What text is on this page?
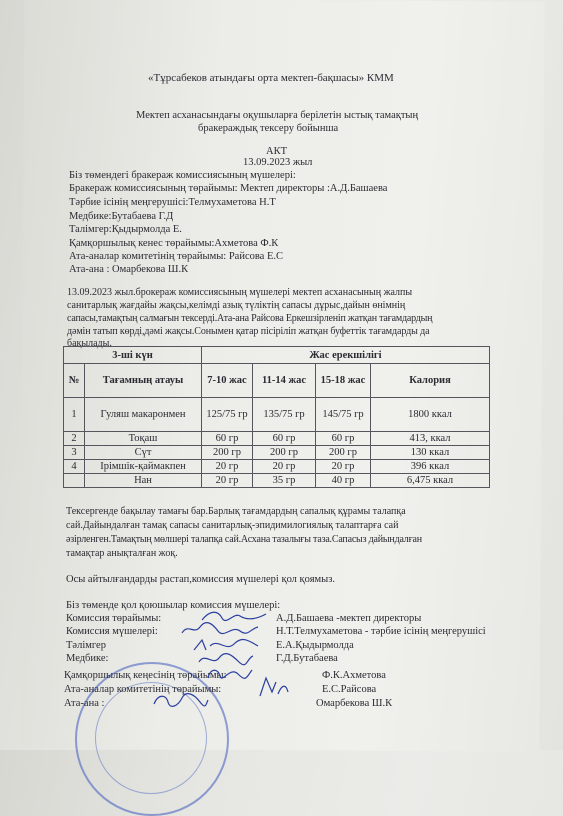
«Тұрсабеков атындағы орта мектеп-бақшасы» КММ
Мектеп асханасындағы оқушыларға берілетін ыстық тамақтың
бракераждық тексеру бойынша
АКТ
13.09.2023 жыл
Біз төмендегі бракераж комиссиясының мүшелері:
Бракераж комиссиясының төрайымы: Мектеп директоры :А.Д.Башаева
Тәрбие ісінің меңгерушісі:Телмухаметова Н.Т
Медбике:Бутабаева Г.Д
Талімгер:Қыдырмолда Е.
Қамқоршылық кенес төрайымы:Ахметова Ф.К
Ата-аналар комитетінің төрайымы: Райсова Е.С
Ата-ана : Омарбекова Ш.К
13.09.2023 жыл.брокераж комиссиясының мүшелері мектеп асханасының жалпы
санитарлық жағдайы жақсы,келімді азық түліктің сапасы дұрыс,дайын өнімнің
сапасы,тамақтың салмағын тексерді.Ата-ана Райсова Еркешзірленіп жатқан тағамдардың
дәмін татып көрді,дәмі жақсы.Сонымен қатар пісіріліп жатқан буфеттік тағамдарды да
бақылады.
3-ші күн		Жас ерекшілігі			
№	Тағамның атауы	7-10 жас	11-14 жас	15-18 жас	Калория
1	Гуляш макаронмен	125/75 гр	135/75 гр	145/75 гр	1800 ккал
2	Тоқаш	60 гр	60 гр	60 гр	413, ккал
3	Сүт	200 гр	200 гр	200 гр	130 ккал
4	Ірімшік-қаймакпен	20 гр	20 гр	20 гр	396 ккал
	Нан	20 гр	35 гр	40 гр	6,475 ккал
Тексергенде бақылау тамағы бар.Барлық тағамдардың сапалық құрамы талапқа
сай.Дайындалған тамақ сапасы санитарлық-эпидимилогиялық талаптарға сай
әзірленген.Тамақтың мөлшері талапқа сай.Асхана тазалығы таза.Сапасыз дайындалған
тамақтар анықталған жоқ.
Осы айтылғандарды растап,комиссия мүшелері қол қоямыз.
Біз төменде қол қоюшылар комиссия мүшелері:
Комиссия төрайымы:	А.Д.Башаева -мектеп директоры
Комиссия мүшелері:	Н.Т.Телмухаметова - тәрбие ісінің меңгерушісі
Тәлімгер	Е.А.Қыдырмолда
Медбике:	Г.Д.Бутабаева
Қамқоршылық кеңесінің төрайымы:	Ф.К.Ахметова
Ата-аналар комитетінің төрайымы:	Е.С.Райсова
Ата-ана :	Омарбекова Ш.К
